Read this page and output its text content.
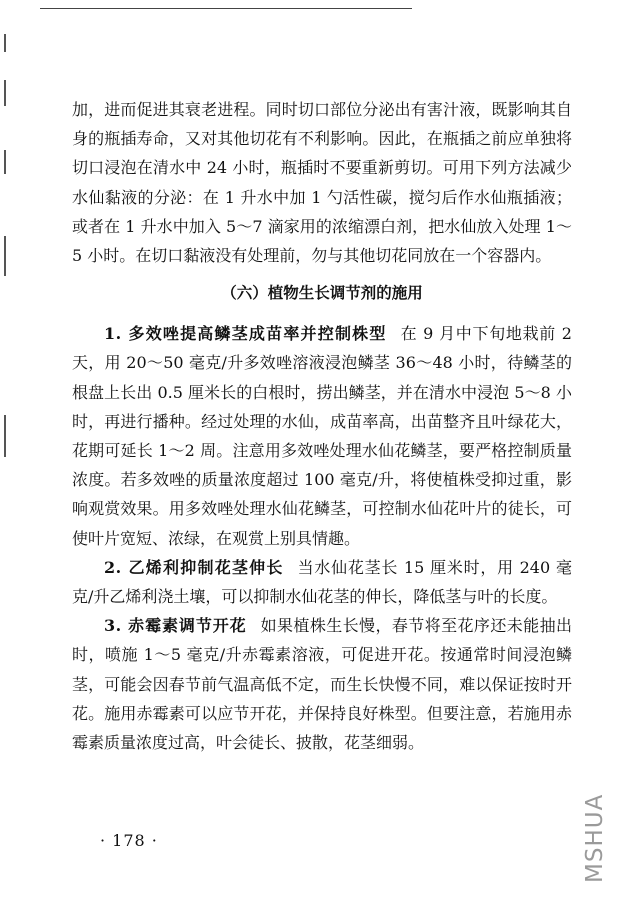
加，进而促进其衰老进程。同时切口部位分泌出有害汁液，既影响其自身的瓶插寿命，又对其他切花有不利影响。因此，在瓶插之前应单独将切口浸泡在清水中 24 小时，瓶插时不要重新剪切。可用下列方法减少水仙黏液的分泌：在 1 升水中加 1 勺活性碳，搅匀后作水仙瓶插液；或者在 1 升水中加入 5～7 滴家用的浓缩漂白剂，把水仙放入处理 1～5 小时。在切口黏液没有处理前，勿与其他切花同放在一个容器内。

（六）植物生长调节剂的施用

1. 多效唑提高鳞茎成苗率并控制株型 在 9 月中下旬地栽前 2 天，用 20～50 毫克/升多效唑溶液浸泡鳞茎 36～48 小时，待鳞茎的根盘上长出 0.5 厘米长的白根时，捞出鳞茎，并在清水中浸泡 5～8 小时，再进行播种。经过处理的水仙，成苗率高，出苗整齐且叶绿花大，花期可延长 1～2 周。注意用多效唑处理水仙花鳞茎，要严格控制质量浓度。若多效唑的质量浓度超过 100 毫克/升，将使植株受抑过重，影响观赏效果。用多效唑处理水仙花鳞茎，可控制水仙花叶片的徒长，可使叶片宽短、浓绿，在观赏上别具情趣。

2. 乙烯利抑制花茎伸长 当水仙花茎长 15 厘米时，用 240 毫克/升乙烯利浇土壤，可以抑制水仙花茎的伸长，降低茎与叶的长度。

3. 赤霉素调节开花 如果植株生长慢，春节将至花序还未能抽出时，喷施 1～5 毫克/升赤霉素溶液，可促进开花。按通常时间浸泡鳞茎，可能会因春节前气温高低不定，而生长快慢不同，难以保证按时开花。施用赤霉素可以应节开花，并保持良好株型。但要注意，若施用赤霉素质量浓度过高，叶会徒长、披散，花茎细弱。

· 178 ·	MSHUA
